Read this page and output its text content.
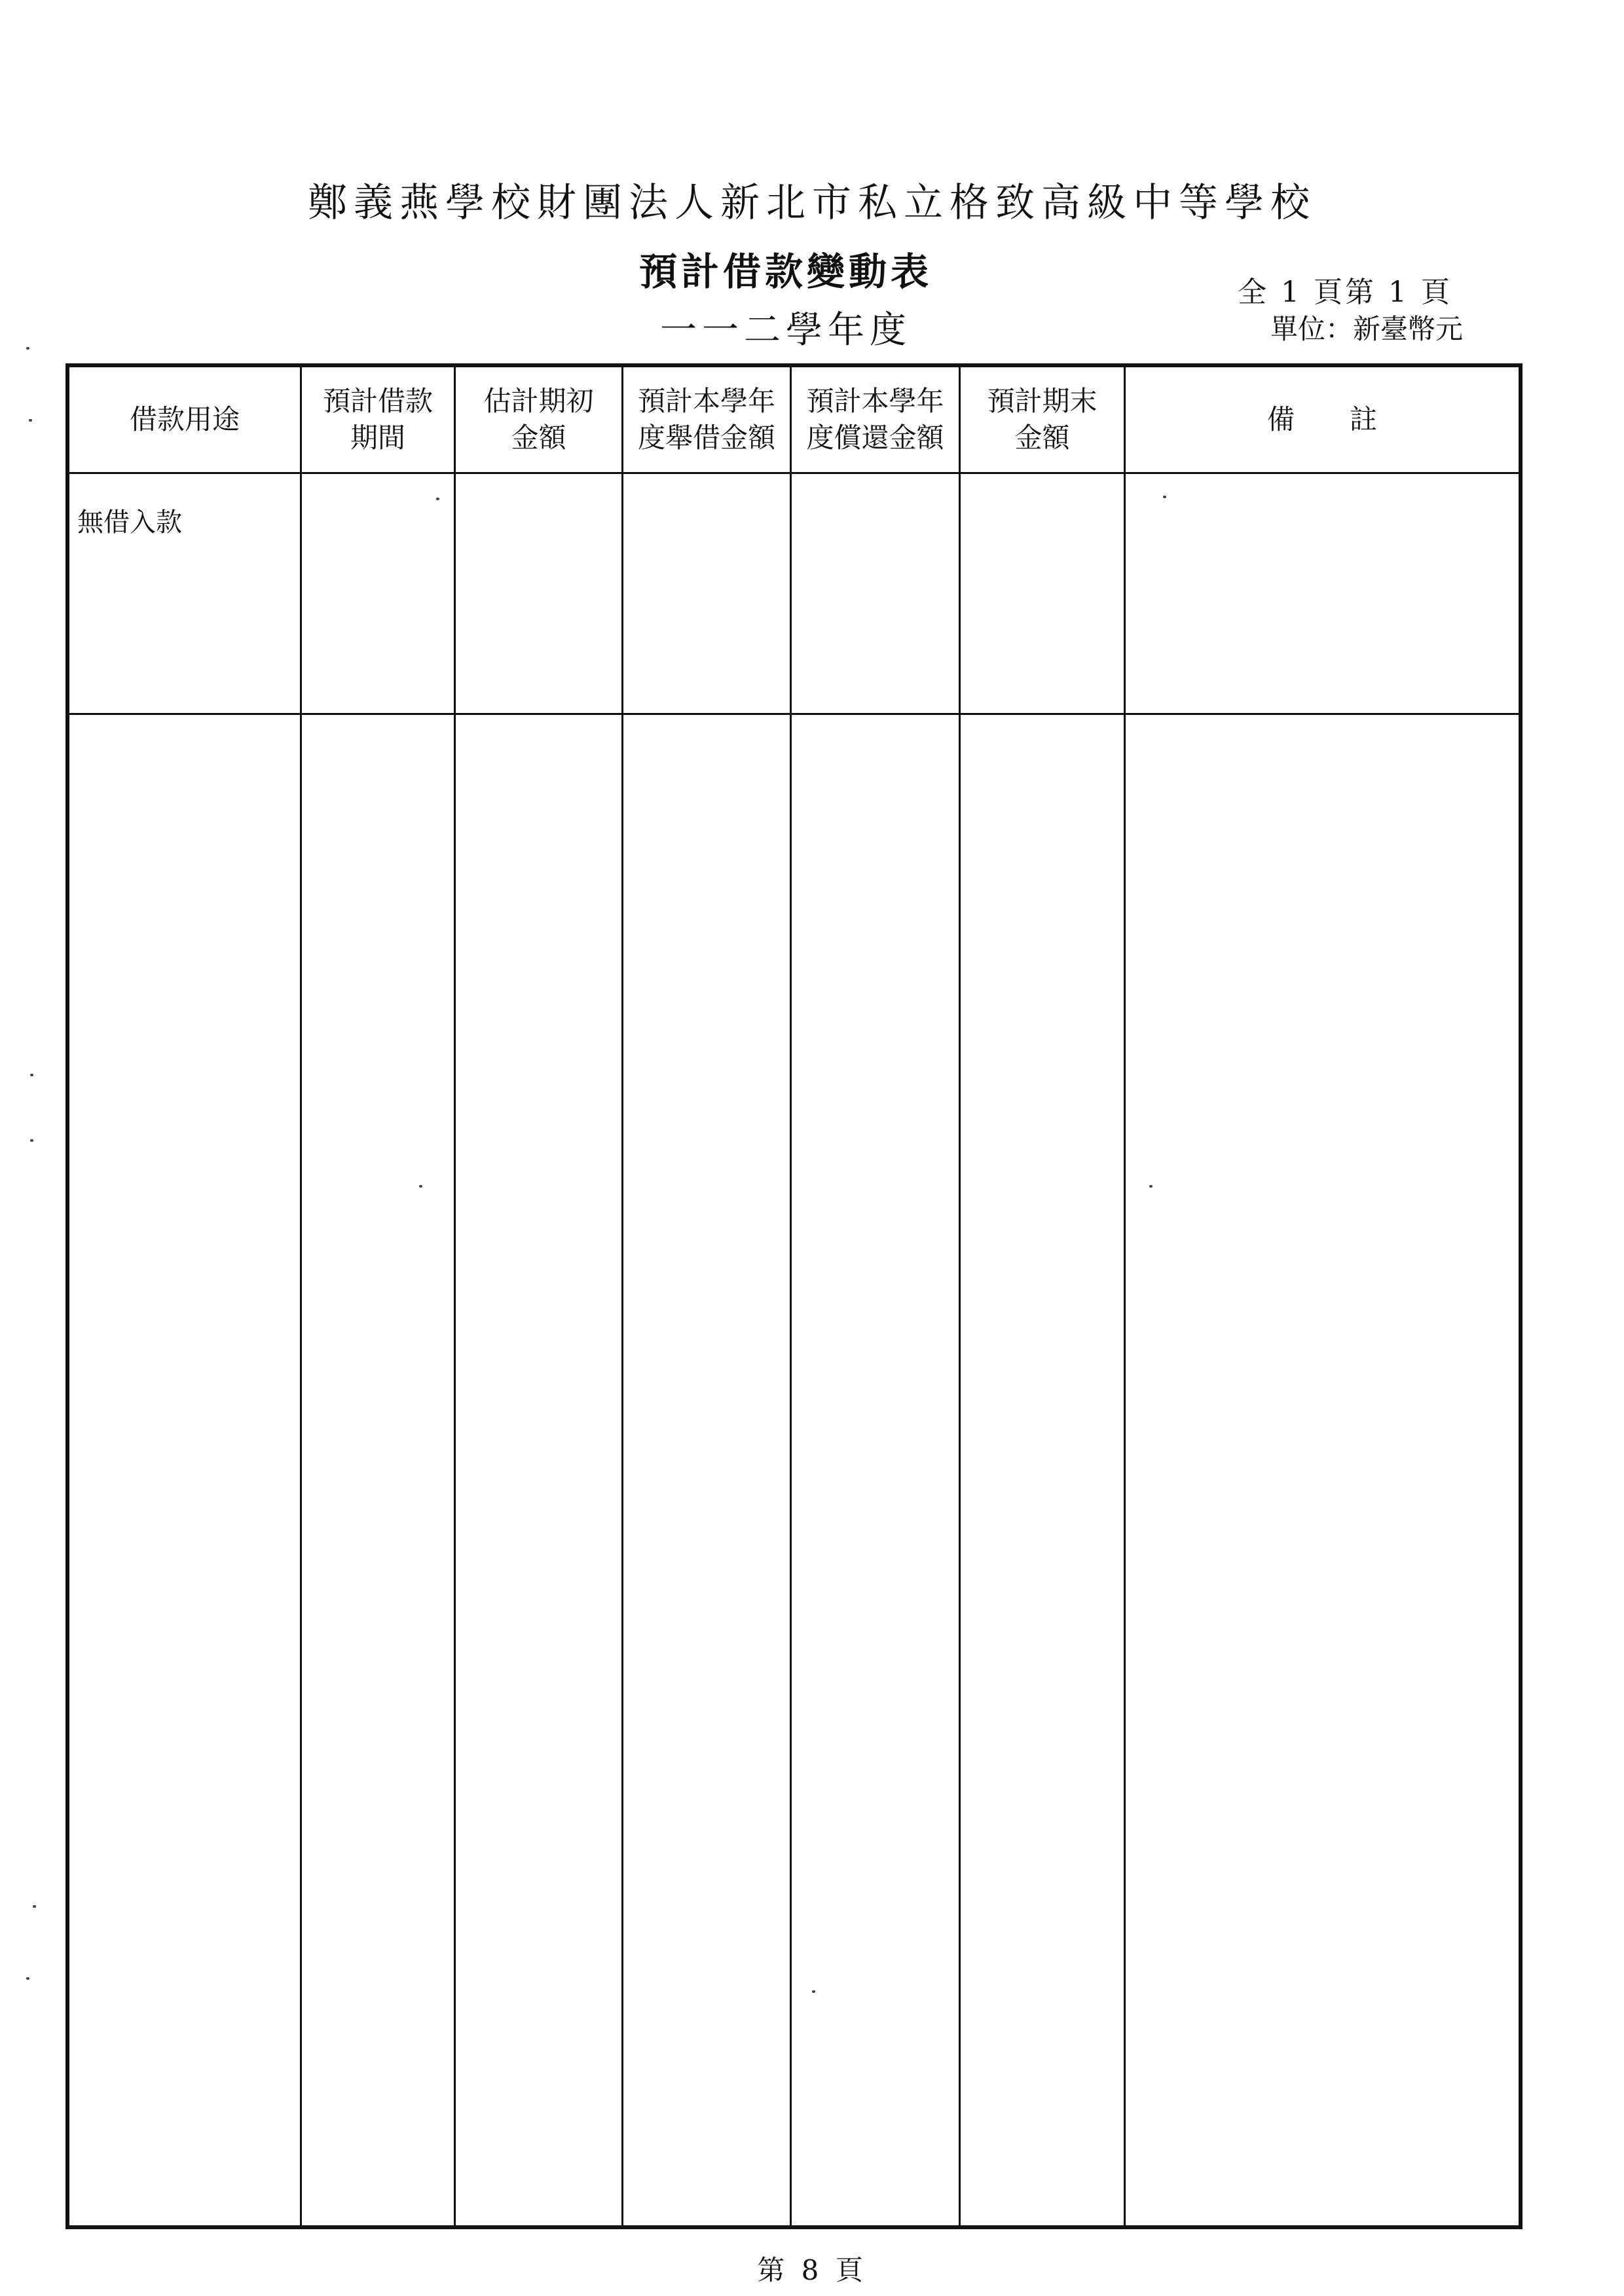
鄭義燕學校財團法人新北市私立格致高級中等學校
預計借款變動表
一一二學年度
全 1 頁第 1 頁
單位：新臺幣元
借款用途
預計借款
期間
估計期初
金額
預計本學年
度舉借金額
預計本學年
度償還金額
預計期末
金額
備　　註
無借入款
第 8 頁
